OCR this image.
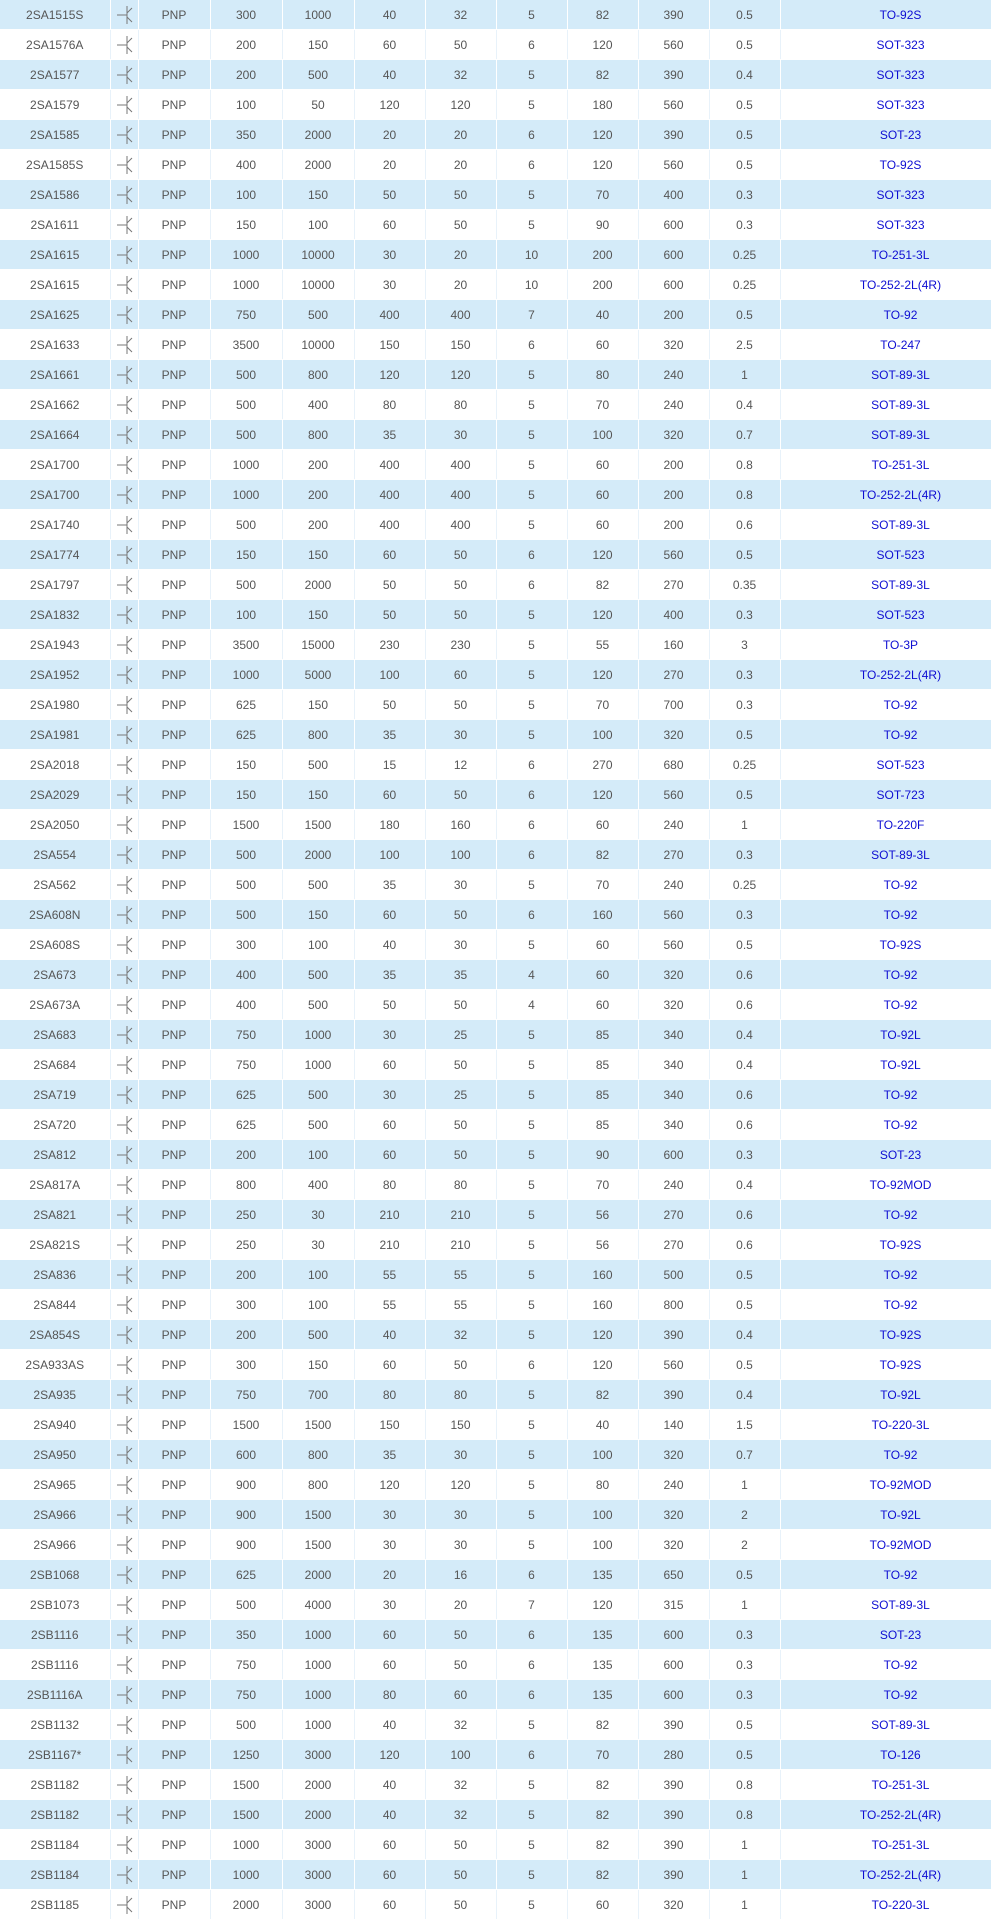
2SA1515S		PNP	300	1000	40	32	5	82	390	0.5	TO-92S
2SA1576A		PNP	200	150	60	50	6	120	560	0.5	SOT-323
2SA1577		PNP	200	500	40	32	5	82	390	0.4	SOT-323
2SA1579		PNP	100	50	120	120	5	180	560	0.5	SOT-323
2SA1585		PNP	350	2000	20	20	6	120	390	0.5	SOT-23
2SA1585S		PNP	400	2000	20	20	6	120	560	0.5	TO-92S
2SA1586		PNP	100	150	50	50	5	70	400	0.3	SOT-323
2SA1611		PNP	150	100	60	50	5	90	600	0.3	SOT-323
2SA1615		PNP	1000	10000	30	20	10	200	600	0.25	TO-251-3L
2SA1615		PNP	1000	10000	30	20	10	200	600	0.25	TO-252-2L(4R)
2SA1625		PNP	750	500	400	400	7	40	200	0.5	TO-92
2SA1633		PNP	3500	10000	150	150	6	60	320	2.5	TO-247
2SA1661		PNP	500	800	120	120	5	80	240	1	SOT-89-3L
2SA1662		PNP	500	400	80	80	5	70	240	0.4	SOT-89-3L
2SA1664		PNP	500	800	35	30	5	100	320	0.7	SOT-89-3L
2SA1700		PNP	1000	200	400	400	5	60	200	0.8	TO-251-3L
2SA1700		PNP	1000	200	400	400	5	60	200	0.8	TO-252-2L(4R)
2SA1740		PNP	500	200	400	400	5	60	200	0.6	SOT-89-3L
2SA1774		PNP	150	150	60	50	6	120	560	0.5	SOT-523
2SA1797		PNP	500	2000	50	50	6	82	270	0.35	SOT-89-3L
2SA1832		PNP	100	150	50	50	5	120	400	0.3	SOT-523
2SA1943		PNP	3500	15000	230	230	5	55	160	3	TO-3P
2SA1952		PNP	1000	5000	100	60	5	120	270	0.3	TO-252-2L(4R)
2SA1980		PNP	625	150	50	50	5	70	700	0.3	TO-92
2SA1981		PNP	625	800	35	30	5	100	320	0.5	TO-92
2SA2018		PNP	150	500	15	12	6	270	680	0.25	SOT-523
2SA2029		PNP	150	150	60	50	6	120	560	0.5	SOT-723
2SA2050		PNP	1500	1500	180	160	6	60	240	1	TO-220F
2SA554		PNP	500	2000	100	100	6	82	270	0.3	SOT-89-3L
2SA562		PNP	500	500	35	30	5	70	240	0.25	TO-92
2SA608N		PNP	500	150	60	50	6	160	560	0.3	TO-92
2SA608S		PNP	300	100	40	30	5	60	560	0.5	TO-92S
2SA673		PNP	400	500	35	35	4	60	320	0.6	TO-92
2SA673A		PNP	400	500	50	50	4	60	320	0.6	TO-92
2SA683		PNP	750	1000	30	25	5	85	340	0.4	TO-92L
2SA684		PNP	750	1000	60	50	5	85	340	0.4	TO-92L
2SA719		PNP	625	500	30	25	5	85	340	0.6	TO-92
2SA720		PNP	625	500	60	50	5	85	340	0.6	TO-92
2SA812		PNP	200	100	60	50	5	90	600	0.3	SOT-23
2SA817A		PNP	800	400	80	80	5	70	240	0.4	TO-92MOD
2SA821		PNP	250	30	210	210	5	56	270	0.6	TO-92
2SA821S		PNP	250	30	210	210	5	56	270	0.6	TO-92S
2SA836		PNP	200	100	55	55	5	160	500	0.5	TO-92
2SA844		PNP	300	100	55	55	5	160	800	0.5	TO-92
2SA854S		PNP	200	500	40	32	5	120	390	0.4	TO-92S
2SA933AS		PNP	300	150	60	50	6	120	560	0.5	TO-92S
2SA935		PNP	750	700	80	80	5	82	390	0.4	TO-92L
2SA940		PNP	1500	1500	150	150	5	40	140	1.5	TO-220-3L
2SA950		PNP	600	800	35	30	5	100	320	0.7	TO-92
2SA965		PNP	900	800	120	120	5	80	240	1	TO-92MOD
2SA966		PNP	900	1500	30	30	5	100	320	2	TO-92L
2SA966		PNP	900	1500	30	30	5	100	320	2	TO-92MOD
2SB1068		PNP	625	2000	20	16	6	135	650	0.5	TO-92
2SB1073		PNP	500	4000	30	20	7	120	315	1	SOT-89-3L
2SB1116		PNP	350	1000	60	50	6	135	600	0.3	SOT-23
2SB1116		PNP	750	1000	60	50	6	135	600	0.3	TO-92
2SB1116A		PNP	750	1000	80	60	6	135	600	0.3	TO-92
2SB1132		PNP	500	1000	40	32	5	82	390	0.5	SOT-89-3L
2SB1167*		PNP	1250	3000	120	100	6	70	280	0.5	TO-126
2SB1182		PNP	1500	2000	40	32	5	82	390	0.8	TO-251-3L
2SB1182		PNP	1500	2000	40	32	5	82	390	0.8	TO-252-2L(4R)
2SB1184		PNP	1000	3000	60	50	5	82	390	1	TO-251-3L
2SB1184		PNP	1000	3000	60	50	5	82	390	1	TO-252-2L(4R)
2SB1185		PNP	2000	3000	60	50	5	60	320	1	TO-220-3L
